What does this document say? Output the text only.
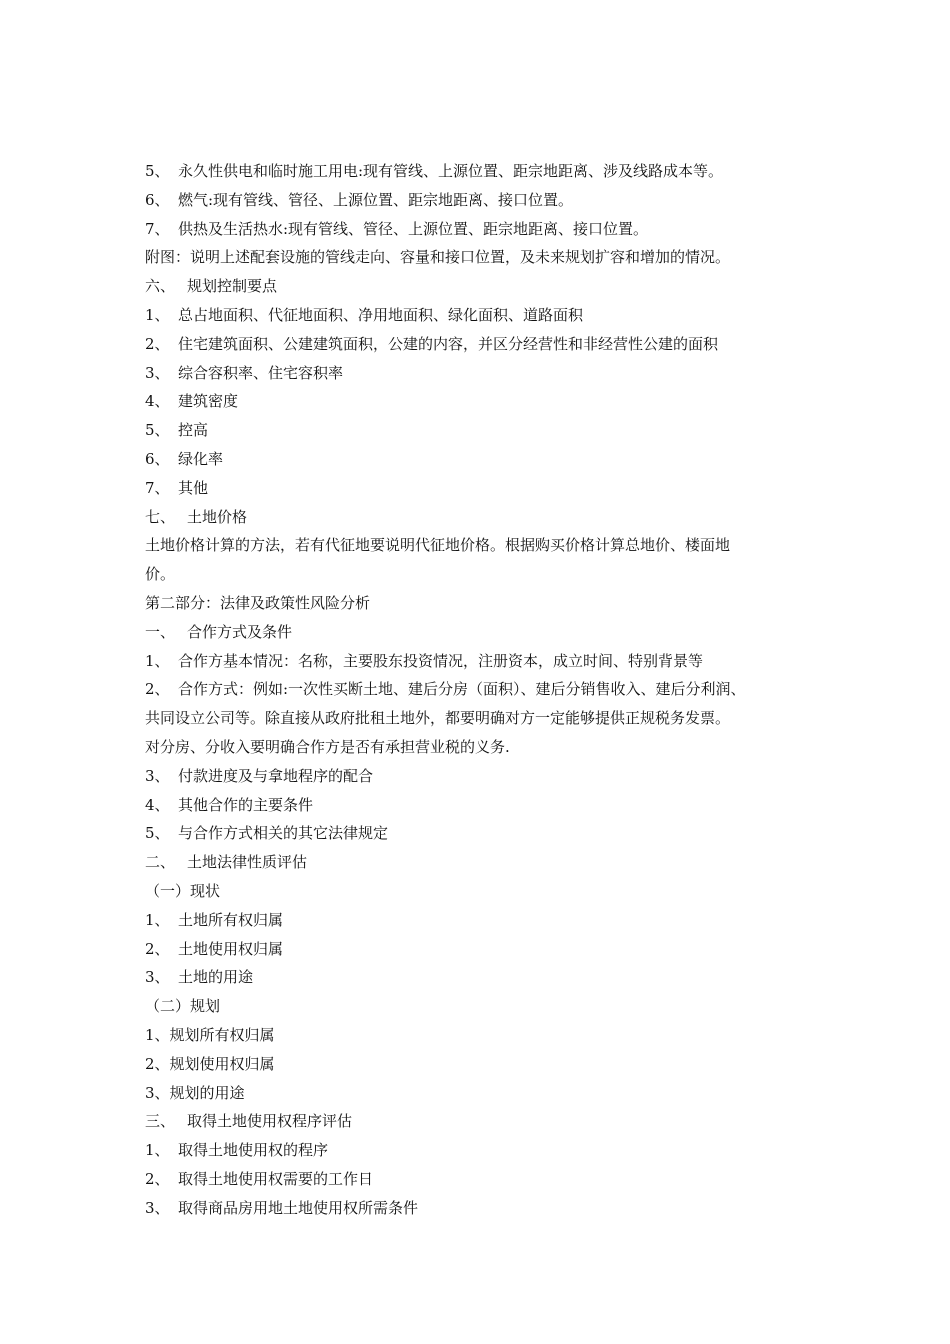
5、 永久性供电和临时施工用电:现有管线、上源位置、距宗地距离、涉及线路成本等。
6、 燃气:现有管线、管径、上源位置、距宗地距离、接口位置。
7、 供热及生活热水:现有管线、管径、上源位置、距宗地距离、接口位置。
附图：说明上述配套设施的管线走向、容量和接口位置，及未来规划扩容和增加的情况。
六、 规划控制要点
1、 总占地面积、代征地面积、净用地面积、绿化面积、道路面积
2、 住宅建筑面积、公建建筑面积，公建的内容，并区分经营性和非经营性公建的面积
3、 综合容积率、住宅容积率
4、 建筑密度
5、 控高
6、 绿化率
7、 其他
七、 土地价格
土地价格计算的方法，若有代征地要说明代征地价格。根据购买价格计算总地价、楼面地
价。
第二部分：法律及政策性风险分析
一、 合作方式及条件
1、 合作方基本情况：名称，主要股东投资情况，注册资本，成立时间、特别背景等
2、 合作方式：例如:一次性买断土地、建后分房（面积）、建后分销售收入、建后分利润、
共同设立公司等。除直接从政府批租土地外，都要明确对方一定能够提供正规税务发票。
对分房、分收入要明确合作方是否有承担营业税的义务.
3、 付款进度及与拿地程序的配合
4、 其他合作的主要条件
5、 与合作方式相关的其它法律规定
二、 土地法律性质评估
（一）现状
1、 土地所有权归属
2、 土地使用权归属
3、 土地的用途
（二）规划
1、规划所有权归属
2、规划使用权归属
3、规划的用途
三、 取得土地使用权程序评估
1、 取得土地使用权的程序
2、 取得土地使用权需要的工作日
3、 取得商品房用地土地使用权所需条件
